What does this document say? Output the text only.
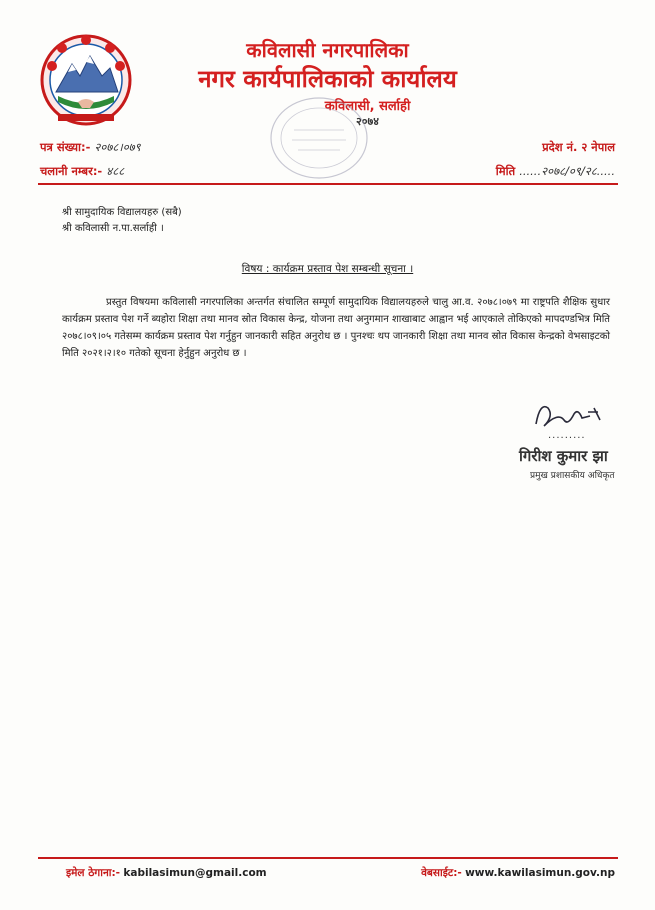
कविलासी नगरपालिका
नगर कार्यपालिकाको कार्यालय
कविलासी, सर्लाही
२०७४
पत्र संख्या:- २०७८।०७९
चलानी नम्बर:- ४८८
प्रदेश नं. २ नेपाल
मिति ......२०७८/०९/२८.....
श्री सामुदायिक विद्यालयहरु (सबै)
श्री कविलासी न.पा.सर्लाही ।
विषय : कार्यक्रम प्रस्ताव पेश सम्बन्धी सूचना ।

प्रस्तुत विषयमा कविलासी नगरपालिका अन्तर्गत संचालित सम्पूर्ण सामुदायिक विद्यालयहरुले चालु आ.व. २०७८।०७९ मा राष्ट्रपति शैक्षिक सुधार कार्यक्रम प्रस्ताव पेश गर्ने ब्यहोरा शिक्षा तथा मानव स्रोत विकास केन्द्र, योजना तथा अनुगमान शाखाबाट आह्वान भई आएकाले तोकिएको मापदण्डभित्र मिति २०७८।०९।०५ गतेसम्म कार्यक्रम प्रस्ताव पेश गर्नुहुन जानकारी सहित अनुरोध छ । पुनश्चः थप जानकारी शिक्षा तथा मानव स्रोत विकास केन्द्रको वेभसाइटको मिति २०२१।२।१० गतेको सूचना हेर्नुहुन अनुरोध छ ।

.........
गिरीश कुमार झा
प्रमुख प्रशासकीय अधिकृत
इमेल ठेगाना:- kabilasimun@gmail.com	वेबसाईट:- www.kawilasimun.gov.np
